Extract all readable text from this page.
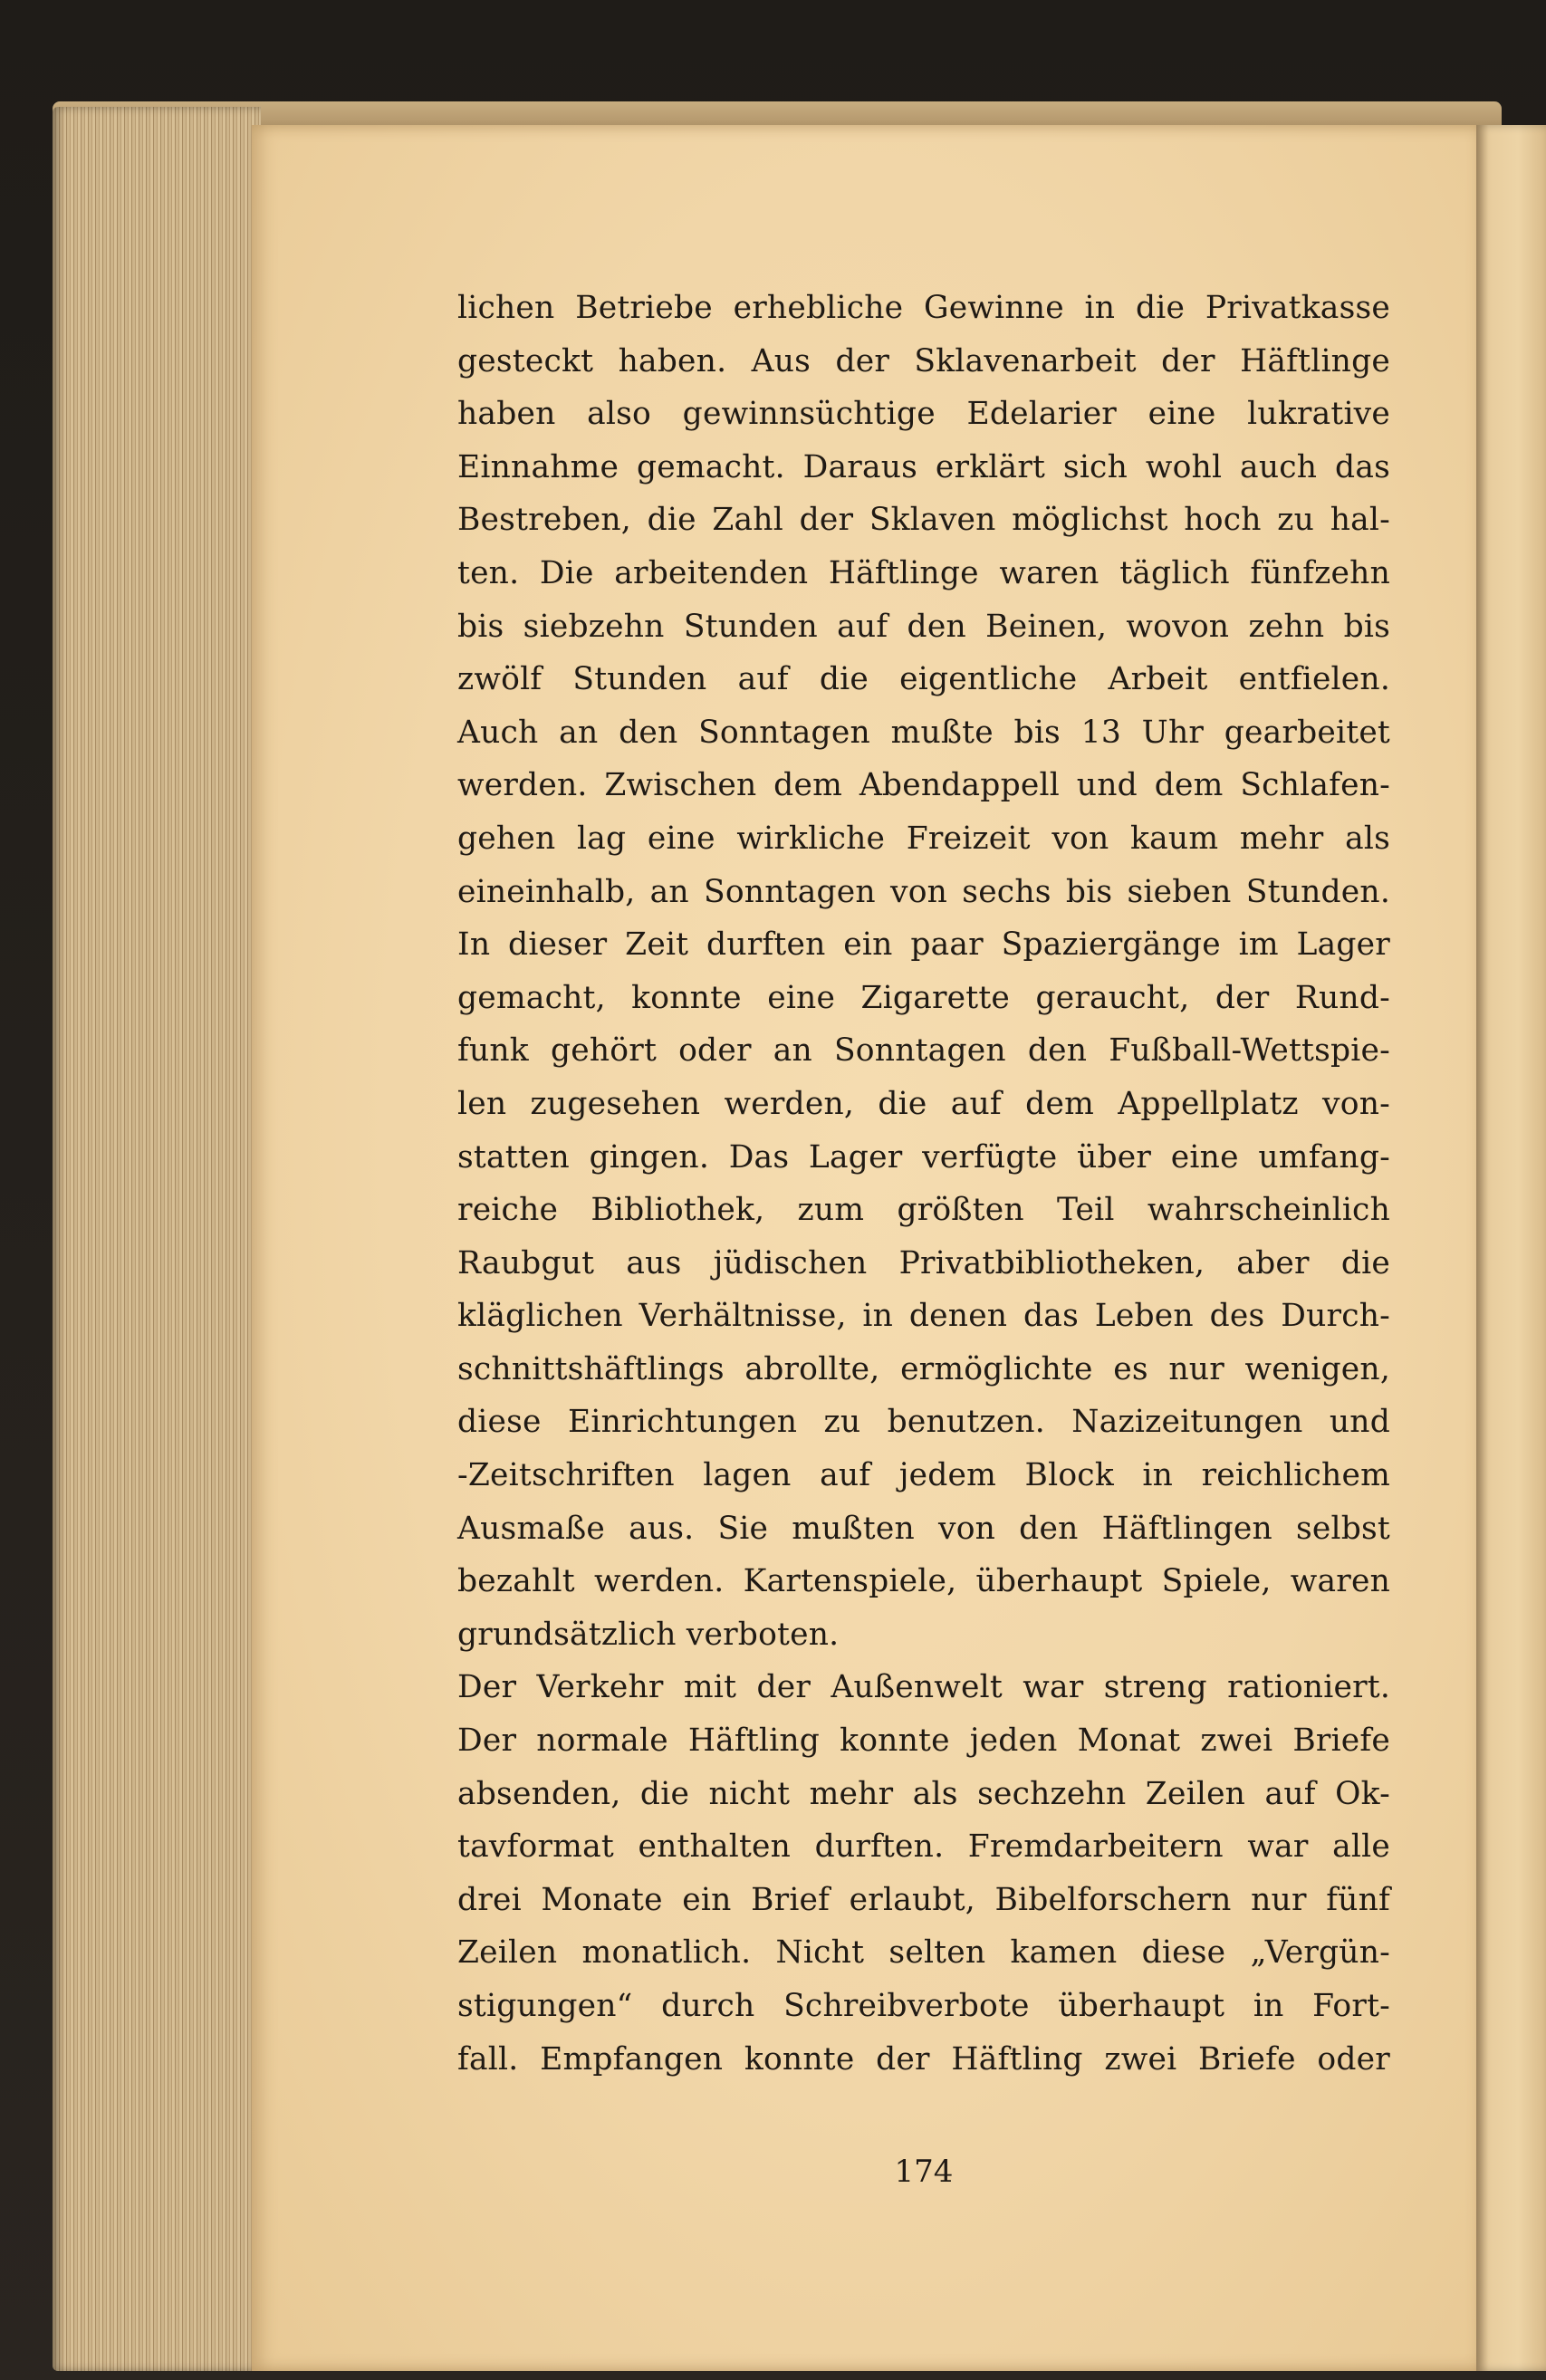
lichen Betriebe erhebliche Gewinne in die Privatkasse
gesteckt haben. Aus der Sklavenarbeit der Häftlinge
haben also gewinnsüchtige Edelarier eine lukrative
Einnahme gemacht. Daraus erklärt sich wohl auch das
Bestreben, die Zahl der Sklaven möglichst hoch zu hal-
ten. Die arbeitenden Häftlinge waren täglich fünfzehn
bis siebzehn Stunden auf den Beinen, wovon zehn bis
zwölf Stunden auf die eigentliche Arbeit entfielen.
Auch an den Sonntagen mußte bis 13 Uhr gearbeitet
werden. Zwischen dem Abendappell und dem Schlafen-
gehen lag eine wirkliche Freizeit von kaum mehr als
eineinhalb, an Sonntagen von sechs bis sieben Stunden.
In dieser Zeit durften ein paar Spaziergänge im Lager
gemacht, konnte eine Zigarette geraucht, der Rund-
funk gehört oder an Sonntagen den Fußball-Wettspie-
len zugesehen werden, die auf dem Appellplatz von-
statten gingen. Das Lager verfügte über eine umfang-
reiche Bibliothek, zum größten Teil wahrscheinlich
Raubgut aus jüdischen Privatbibliotheken, aber die
kläglichen Verhältnisse, in denen das Leben des Durch-
schnittshäftlings abrollte, ermöglichte es nur wenigen,
diese Einrichtungen zu benutzen. Nazizeitungen und
-Zeitschriften lagen auf jedem Block in reichlichem
Ausmaße aus. Sie mußten von den Häftlingen selbst
bezahlt werden. Kartenspiele, überhaupt Spiele, waren
grundsätzlich verboten.
Der Verkehr mit der Außenwelt war streng rationiert.
Der normale Häftling konnte jeden Monat zwei Briefe
absenden, die nicht mehr als sechzehn Zeilen auf Ok-
tavformat enthalten durften. Fremdarbeitern war alle
drei Monate ein Brief erlaubt, Bibelforschern nur fünf
Zeilen monatlich. Nicht selten kamen diese „Vergün-
stigungen“ durch Schreibverbote überhaupt in Fort-
fall. Empfangen konnte der Häftling zwei Briefe oder
174
